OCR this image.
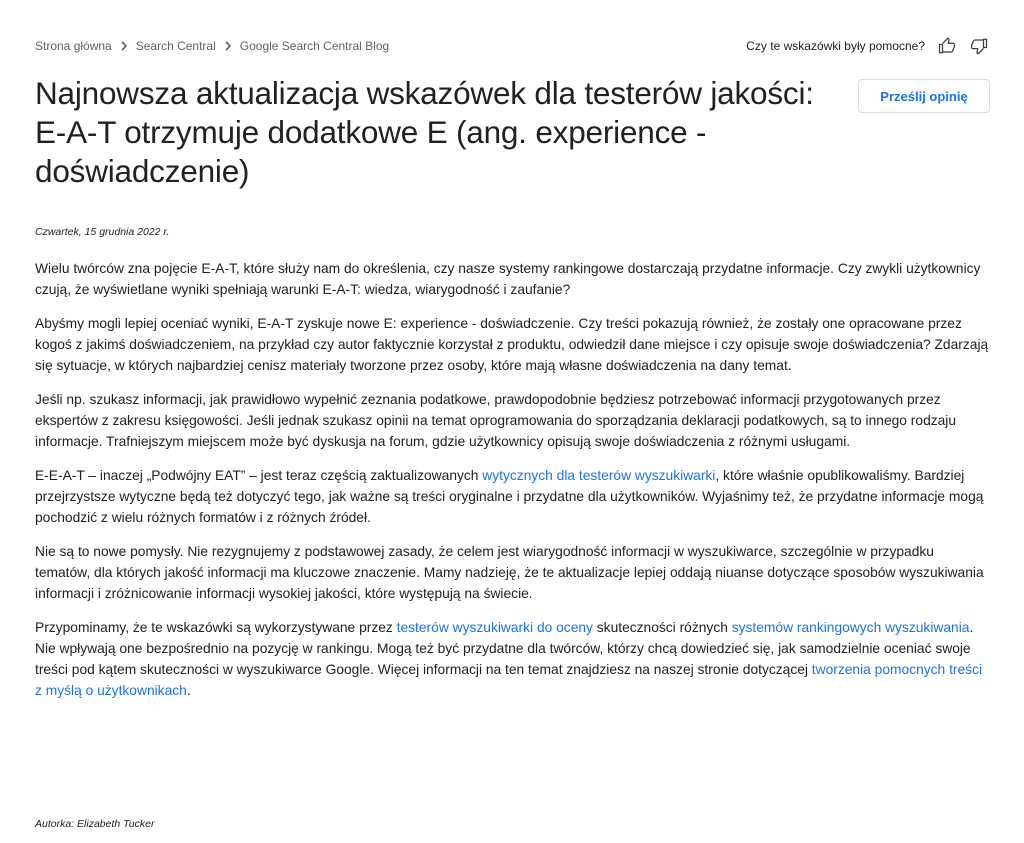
Strona główna Search Central Google Search Central Blog	Czy te wskazówki były pomocne?
Najnowsza aktualizacja wskazówek dla testerów jakości: E-A-T otrzymuje dodatkowe E (ang. experience - doświadczenie)
Prześlij opinię
Czwartek, 15 grudnia 2022 r.

Wielu twórców zna pojęcie E-A-T, które służy nam do określenia, czy nasze systemy rankingowe dostarczają przydatne informacje. Czy zwykli użytkownicy czują, że wyświetlane wyniki spełniają warunki E-A-T: wiedza, wiarygodność i zaufanie?

Abyśmy mogli lepiej oceniać wyniki, E-A-T zyskuje nowe E: experience - doświadczenie. Czy treści pokazują również, że zostały one opracowane przez kogoś z jakimś doświadczeniem, na przykład czy autor faktycznie korzystał z produktu, odwiedził dane miejsce i czy opisuje swoje doświadczenia? Zdarzają się sytuacje, w których najbardziej cenisz materiały tworzone przez osoby, które mają własne doświadczenia na dany temat.

Jeśli np. szukasz informacji, jak prawidłowo wypełnić zeznania podatkowe, prawdopodobnie będziesz potrzebować informacji przygotowanych przez ekspertów z zakresu księgowości. Jeśli jednak szukasz opinii na temat oprogramowania do sporządzania deklaracji podatkowych, są to innego rodzaju informacje. Trafniejszym miejscem może być dyskusja na forum, gdzie użytkownicy opisują swoje doświadczenia z różnymi usługami.

E-E-A-T – inaczej „Podwójny EAT” – jest teraz częścią zaktualizowanych wytycznych dla testerów wyszukiwarki, które właśnie opublikowaliśmy. Bardziej przejrzystsze wytyczne będą też dotyczyć tego, jak ważne są treści oryginalne i przydatne dla użytkowników. Wyjaśnimy też, że przydatne informacje mogą pochodzić z wielu różnych formatów i z różnych źródeł.

Nie są to nowe pomysły. Nie rezygnujemy z podstawowej zasady, że celem jest wiarygodność informacji w wyszukiwarce, szczególnie w przypadku tematów, dla których jakość informacji ma kluczowe znaczenie. Mamy nadzieję, że te aktualizacje lepiej oddają niuanse dotyczące sposobów wyszukiwania informacji i zróżnicowanie informacji wysokiej jakości, które występują na świecie.

Przypominamy, że te wskazówki są wykorzystywane przez testerów wyszukiwarki do oceny skuteczności różnych systemów rankingowych wyszukiwania. Nie wpływają one bezpośrednio na pozycję w rankingu. Mogą też być przydatne dla twórców, którzy chcą dowiedzieć się, jak samodzielnie oceniać swoje treści pod kątem skuteczności w wyszukiwarce Google. Więcej informacji na ten temat znajdziesz na naszej stronie dotyczącej tworzenia pomocnych treści z myślą o użytkownikach.

Autorka: Elizabeth Tucker
